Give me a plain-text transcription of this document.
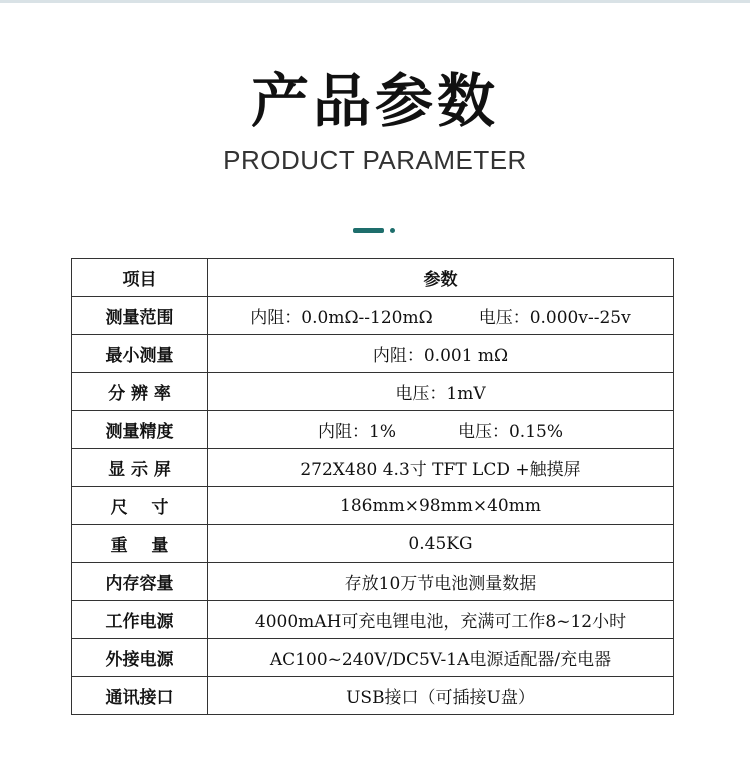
产品参数
PRODUCT PARAMETER
项目	参数
测量范围	内阻：0.0mΩ--120mΩ 电压：0.000v--25v
最小测量	内阻：0.001 mΩ
分 辨 率	电压：1mV
测量精度	内阻：1% 电压：0.15%
显 示 屏	272X480 4.3寸 TFT LCD +触摸屏
尺    寸	186mm×98mm×40mm
重    量	0.45KG
内存容量	存放10万节电池测量数据
工作电源	4000mAH可充电锂电池，充满可工作8~12小时
外接电源	AC100~240V/DC5V-1A电源适配器/充电器
通讯接口	USB接口（可插接U盘）
